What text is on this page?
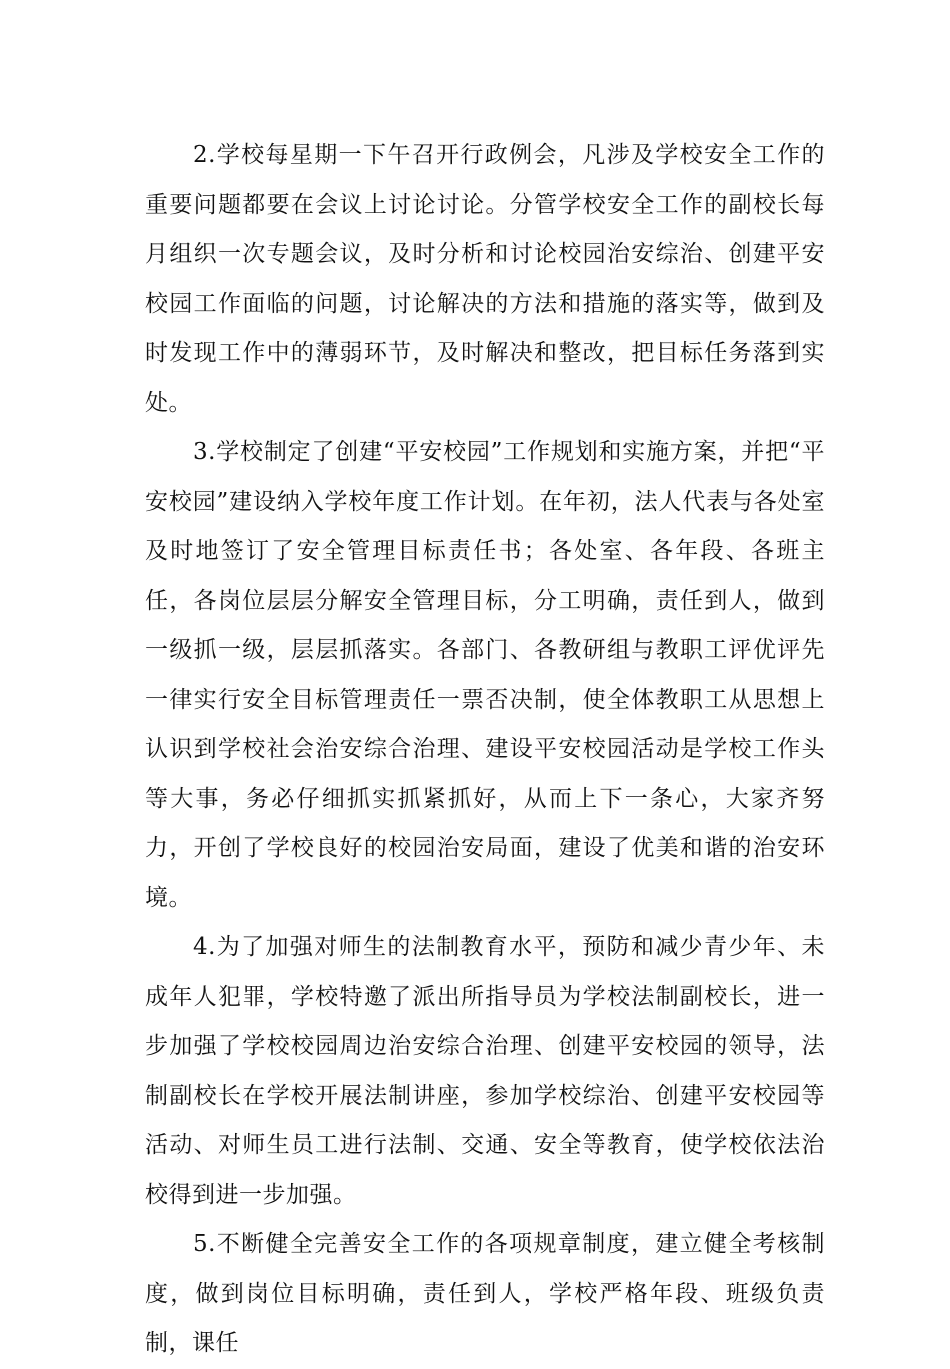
2.学校每星期一下午召开行政例会，凡涉及学校安全工作的重要问题都要在会议上讨论讨论。分管学校安全工作的副校长每月组织一次专题会议，及时分析和讨论校园治安综治、创建平安校园工作面临的问题，讨论解决的方法和措施的落实等，做到及时发现工作中的薄弱环节，及时解决和整改，把目标任务落到实处。

3.学校制定了创建“平安校园”工作规划和实施方案，并把“平安校园”建设纳入学校年度工作计划。在年初，法人代表与各处室及时地签订了安全管理目标责任书；各处室、各年段、各班主任，各岗位层层分解安全管理目标，分工明确，责任到人，做到一级抓一级，层层抓落实。各部门、各教研组与教职工评优评先一律实行安全目标管理责任一票否决制，使全体教职工从思想上认识到学校社会治安综合治理、建设平安校园活动是学校工作头等大事，务必仔细抓实抓紧抓好，从而上下一条心，大家齐努力，开创了学校良好的校园治安局面，建设了优美和谐的治安环境。

4.为了加强对师生的法制教育水平，预防和减少青少年、未成年人犯罪，学校特邀了派出所指导员为学校法制副校长，进一步加强了学校校园周边治安综合治理、创建平安校园的领导，法制副校长在学校开展法制讲座，参加学校综治、创建平安校园等活动、对师生员工进行法制、交通、安全等教育，使学校依法治校得到进一步加强。

5.不断健全完善安全工作的各项规章制度，建立健全考核制度，做到岗位目标明确，责任到人，学校严格年段、班级负责制，课任
